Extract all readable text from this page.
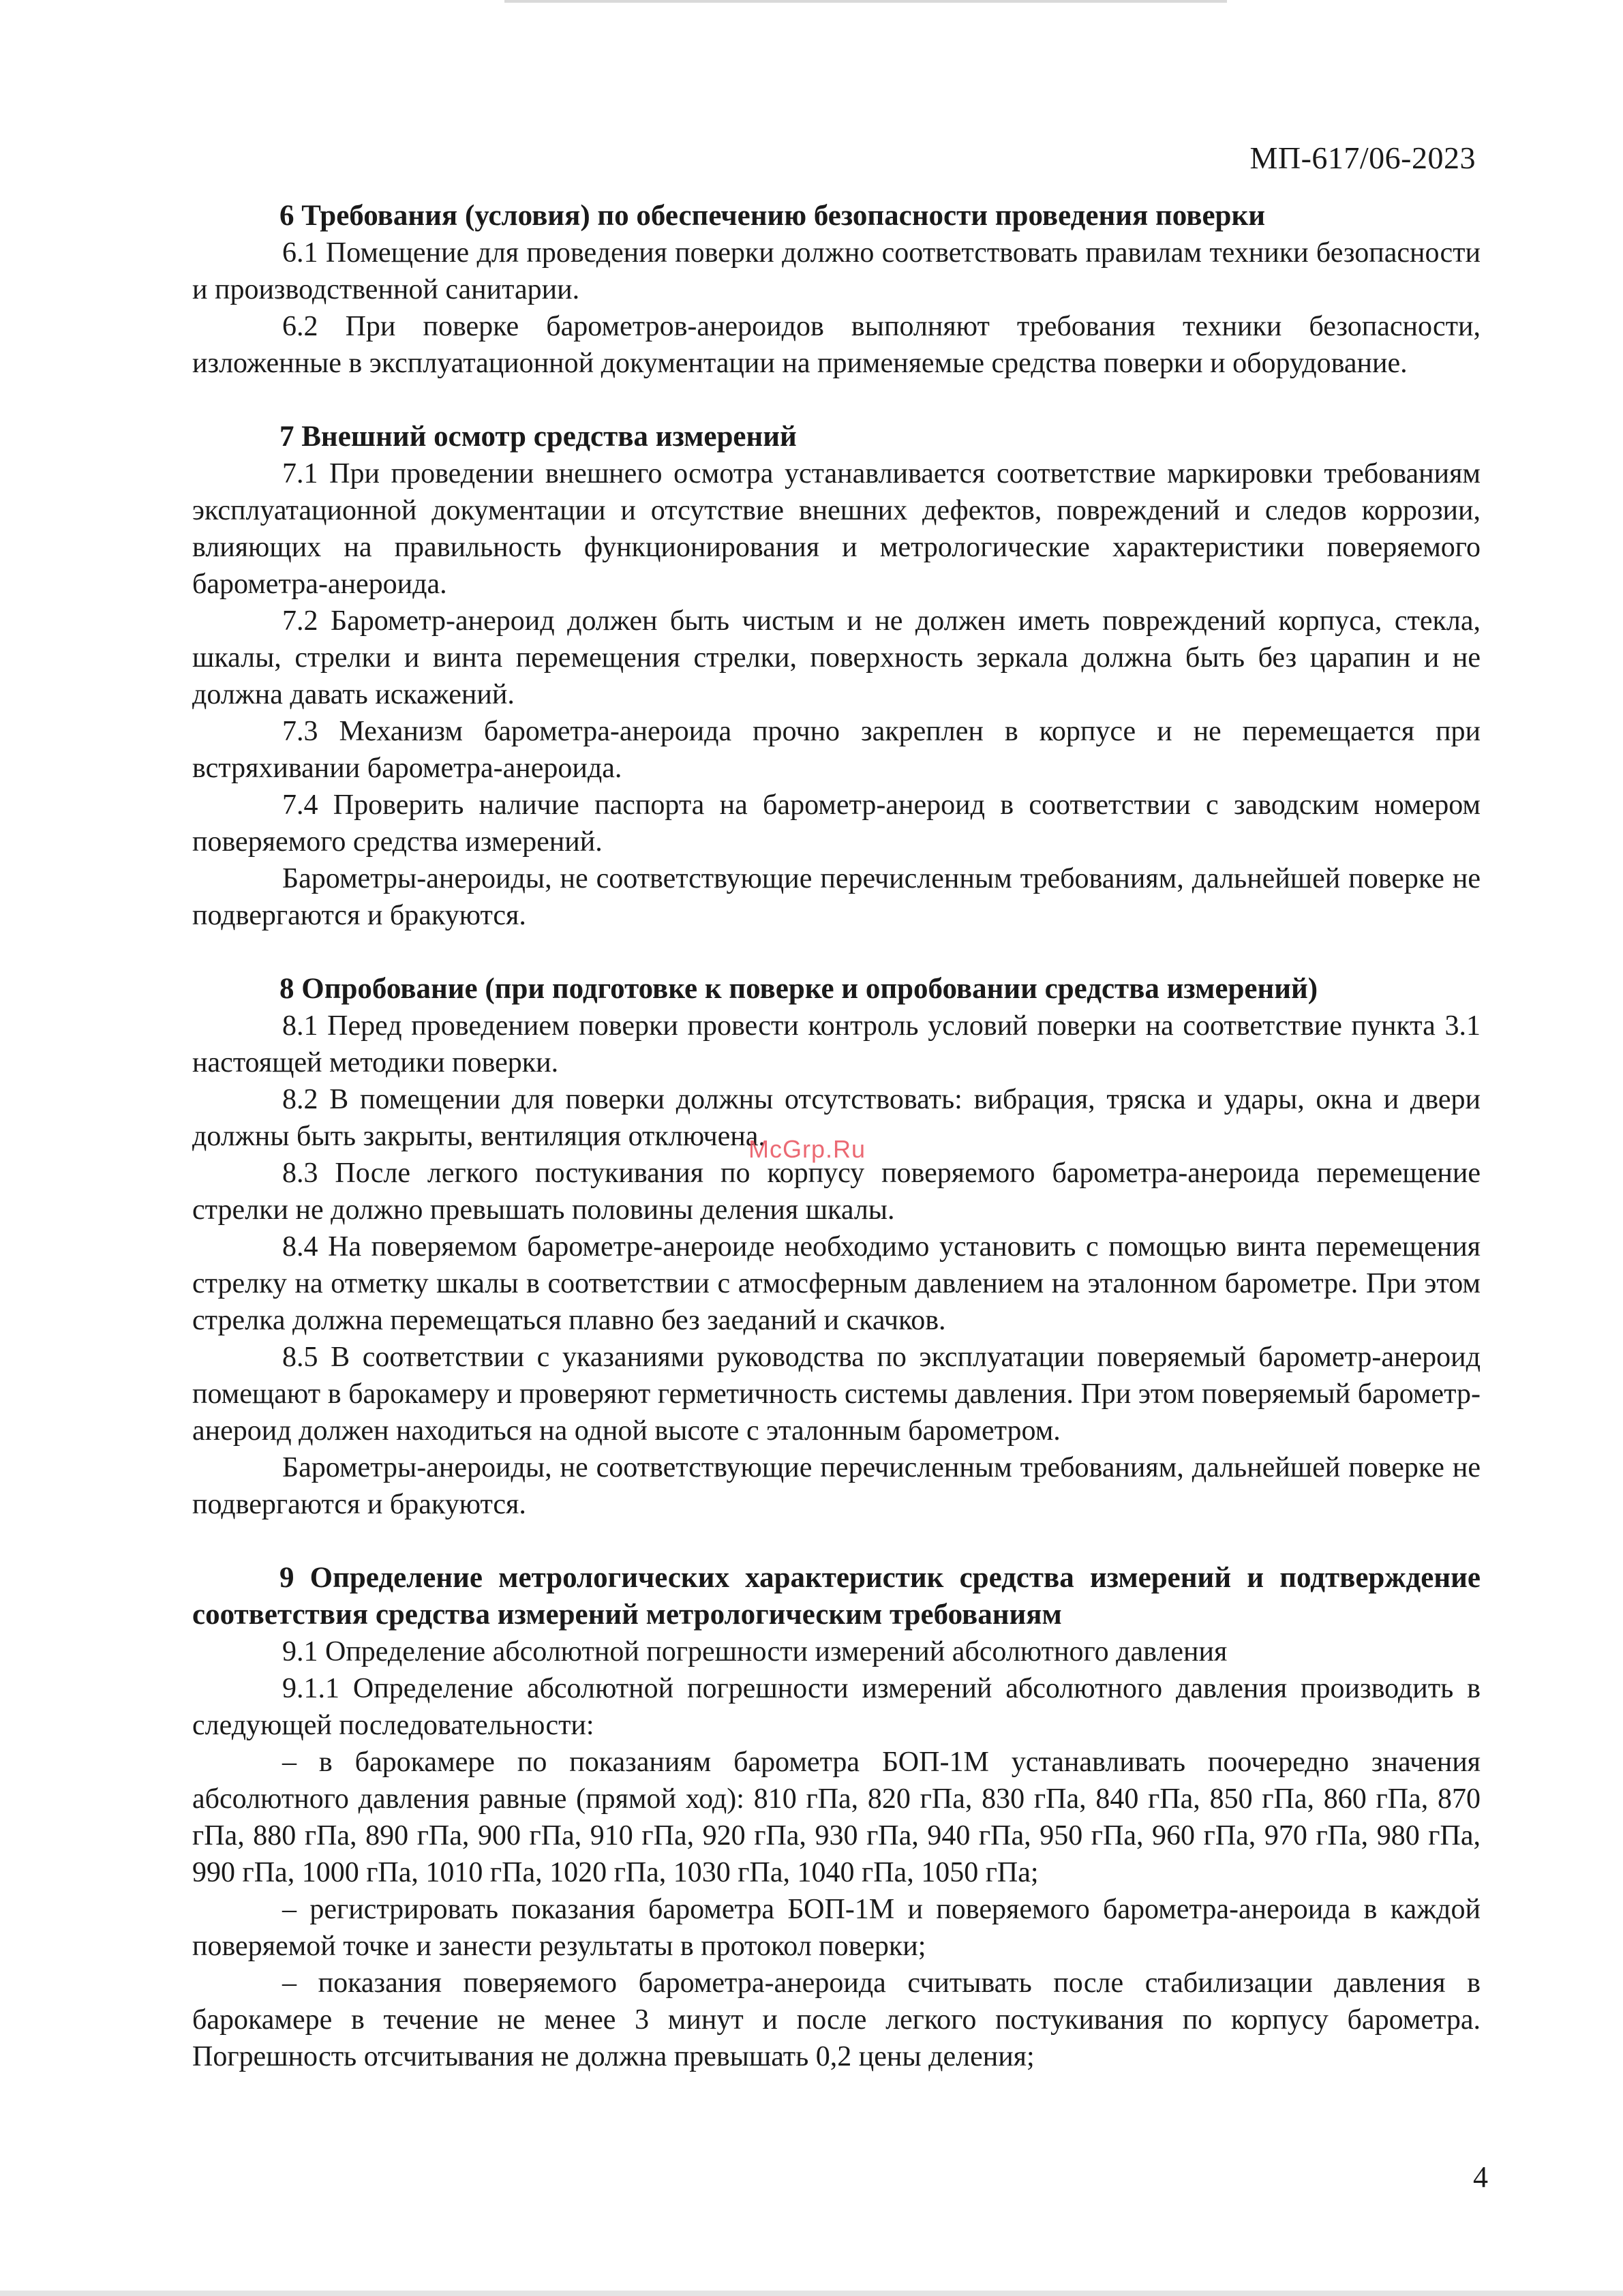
МП-617/06-2023
6 Требования (условия) по обеспечению безопасности проведения поверки

6.1 Помещение для проведения поверки должно соответствовать правилам техники безопасности и производственной санитарии.

6.2 При поверке барометров-анероидов выполняют требования техники безопасности, изложенные в эксплуатационной документации на применяемые средства поверки и оборудование.

7 Внешний осмотр средства измерений

7.1 При проведении внешнего осмотра устанавливается соответствие маркировки требованиям эксплуатационной документации и отсутствие внешних дефектов, повреждений и следов коррозии, влияющих на правильность функционирования и метрологические характеристики поверяемого барометра-анероида.

7.2 Барометр-анероид должен быть чистым и не должен иметь повреждений корпуса, стекла, шкалы, стрелки и винта перемещения стрелки, поверхность зеркала должна быть без царапин и не должна давать искажений.

7.3 Механизм барометра-анероида прочно закреплен в корпусе и не перемещается при встряхивании барометра-анероида.

7.4 Проверить наличие паспорта на барометр-анероид в соответствии с заводским номером поверяемого средства измерений.

Барометры-анероиды, не соответствующие перечисленным требованиям, дальнейшей поверке не подвергаются и бракуются.

8 Опробование (при подготовке к поверке и опробовании средства измерений)

8.1 Перед проведением поверки провести контроль условий поверки на соответствие пункта 3.1 настоящей методики поверки.

8.2 В помещении для поверки должны отсутствовать: вибрация, тряска и удары, окна и двери должны быть закрыты, вентиляция отключена.

8.3 После легкого постукивания по корпусу поверяемого барометра-анероида перемещение стрелки не должно превышать половины деления шкалы.

8.4 На поверяемом барометре-анероиде необходимо установить с помощью винта перемещения стрелку на отметку шкалы в соответствии с атмосферным давлением на эталонном барометре. При этом стрелка должна перемещаться плавно без заеданий и скачков.

8.5 В соответствии с указаниями руководства по эксплуатации поверяемый барометр-анероид помещают в барокамеру и проверяют герметичность системы давления. При этом поверяемый барометр-анероид должен находиться на одной высоте с эталонным барометром.

Барометры-анероиды, не соответствующие перечисленным требованиям, дальнейшей поверке не подвергаются и бракуются.

9 Определение метрологических характеристик средства измерений и подтверждение соответствия средства измерений метрологическим требованиям

9.1 Определение абсолютной погрешности измерений абсолютного давления

9.1.1 Определение абсолютной погрешности измерений абсолютного давления производить в следующей последовательности:

– в барокамере по показаниям барометра БОП-1М устанавливать поочередно значения абсолютного давления равные (прямой ход): 810 гПа, 820 гПа, 830 гПа, 840 гПа, 850 гПа, 860 гПа, 870 гПа, 880 гПа, 890 гПа, 900 гПа, 910 гПа, 920 гПа, 930 гПа, 940 гПа, 950 гПа, 960 гПа, 970 гПа, 980 гПа, 990 гПа, 1000 гПа, 1010 гПа, 1020 гПа, 1030 гПа, 1040 гПа, 1050 гПа;

– регистрировать показания барометра БОП-1М и поверяемого барометра-анероида в каждой поверяемой точке и занести результаты в протокол поверки;

– показания поверяемого барометра-анероида считывать после стабилизации давления в барокамере в течение не менее 3 минут и после легкого постукивания по корпусу барометра. Погрешность отсчитывания не должна превышать 0,2 цены деления;

McGrp.Ru
4
